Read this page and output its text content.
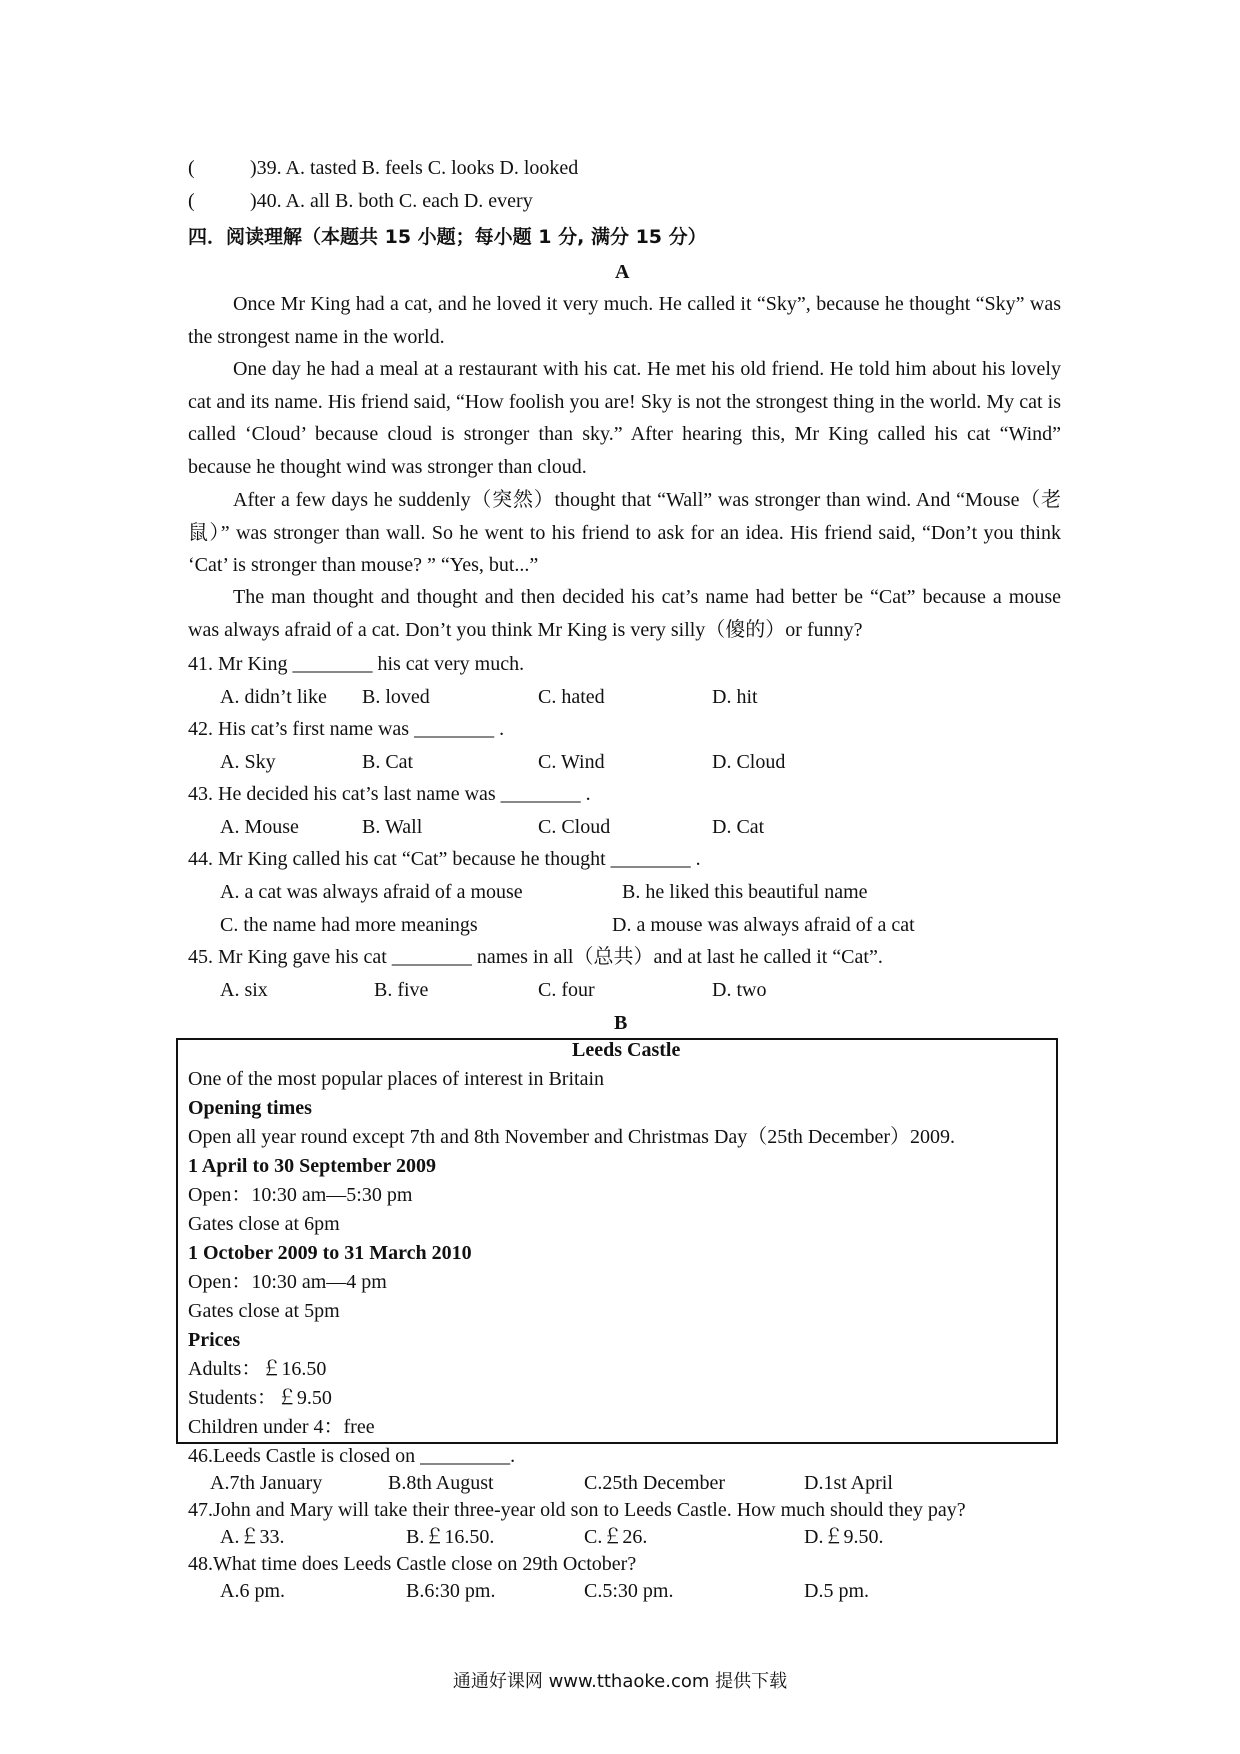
(	)39. A. tasted B. feels C. looks D. looked
(	)40. A. all B. both C. each D. every
四．阅读理解（本题共 15 小题；每小题 1 分, 满分 15 分）
A
Once Mr King had a cat, and he loved it very much. He called it “Sky”, because he thought “Sky” was the strongest name in the world.
One day he had a meal at a restaurant with his cat. He met his old friend. He told him about his lovely cat and its name. His friend said, “How foolish you are! Sky is not the strongest thing in the world. My cat is called ‘Cloud’ because cloud is stronger than sky.” After hearing this, Mr King called his cat “Wind” because he thought wind was stronger than cloud.
After a few days he suddenly（突然）thought that “Wall” was stronger than wind. And “Mouse（老鼠）” was stronger than wall. So he went to his friend to ask for an idea. His friend said, “Don’t you think ‘Cat’ is stronger than mouse? ” “Yes, but...”
The man thought and thought and then decided his cat’s name had better be “Cat” because a mouse was always afraid of a cat. Don’t you think Mr King is very silly（傻的）or funny?
41. Mr King ________ his cat very much.
A. didn’t like B. loved	C. hated	D. hit
42. His cat’s first name was ________ .
A. Sky	B. Cat	C. Wind	D. Cloud
43. He decided his cat’s last name was ________ .
A. Mouse	B. Wall	C. Cloud	D. Cat
44. Mr King called his cat “Cat” because he thought ________ .
A. a cat was always afraid of a mouse	B. he liked this beautiful name
C. the name had more meanings	D. a mouse was always afraid of a cat
45. Mr King gave his cat ________ names in all（总共）and at last he called it “Cat”.
A. six	B. five	C. four	D. two
B
Leeds Castle
One of the most popular places of interest in Britain
Opening times
Open all year round except 7th and 8th November and Christmas Day（25th December）2009.
1 April to 30 September 2009
Open：10:30 am—5:30 pm
Gates close at 6pm
1 October 2009 to 31 March 2010
Open：10:30 am—4 pm
Gates close at 5pm
Prices
Adults：￡16.50
Students：￡9.50
Children under 4：free
46.Leeds Castle is closed on _________.
A.7th January	B.8th August	C.25th December	D.1st April
47.John and Mary will take their three-year old son to Leeds Castle. How much should they pay?
A.￡33.	B.￡16.50.	C.￡26.	D.￡9.50.
48.What time does Leeds Castle close on 29th October?
A.6 pm.	B.6:30 pm.	C.5:30 pm.	D.5 pm.
通通好课网 www.tthaoke.com 提供下载
